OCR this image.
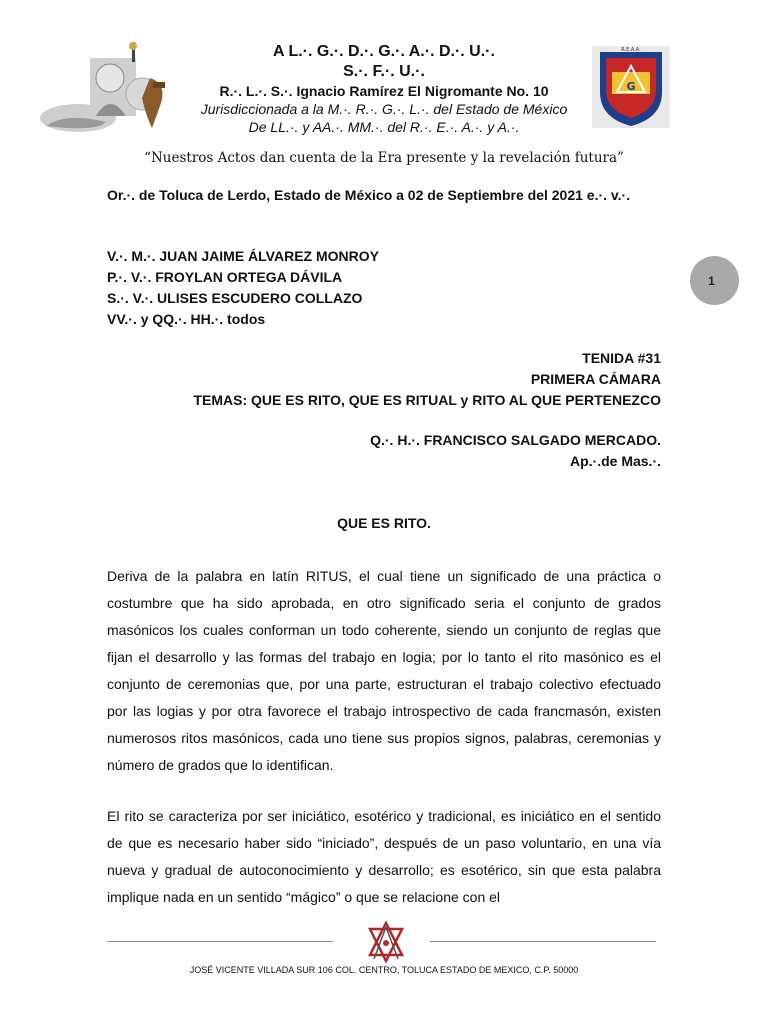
A L.·. G.·. D.·. G.·. A.·. D.·. U.·.
S.·. F.·. U.·.
R.·. L.·. S.·. Ignacio Ramírez El Nigromante No. 10
Jurisdiccionada a la M.·. R.·. G.·. L.·. del Estado de México
De LL.·. y AA.·. MM.·. del R.·. E.·. A.·. y A.·.
G
R.E.A.A.
“Nuestros Actos dan cuenta de la Era presente y la revelación futura”
Or.·. de Toluca de Lerdo, Estado de México a 02 de Septiembre del 2021 e.·. v.·.
V.·. M.·. JUAN JAIME ÁLVAREZ MONROY
P.·. V.·. FROYLAN ORTEGA DÁVILA
S.·. V.·. ULISES ESCUDERO COLLAZO
VV.·. y QQ.·. HH.·. todos
TENIDA #31
PRIMERA CÁMARA
TEMAS: QUE ES RITO, QUE ES RITUAL y RITO AL QUE PERTENEZCO
Q.·. H.·. FRANCISCO SALGADO MERCADO.
Ap.·.de Mas.·.
QUE ES RITO.
Deriva de la palabra en latín RITUS, el cual tiene un significado de una práctica o costumbre que ha sido aprobada, en otro significado seria el conjunto de grados masónicos los cuales conforman un todo coherente, siendo un conjunto de reglas que fijan el desarrollo y las formas del trabajo en logia; por lo tanto el rito masónico es el conjunto de ceremonias que, por una parte, estructuran el trabajo colectivo efectuado por las logias y por otra favorece el trabajo introspectivo de cada francmasón, existen numerosos ritos masónicos, cada uno tiene sus propios signos, palabras, ceremonias y número de grados que lo identifican.
El rito se caracteriza por ser iniciático, esotérico y tradicional, es iniciático en el sentido de que es necesario haber sido “iniciado”, después de un paso voluntario, en una vía nueva y gradual de autoconocimiento y desarrollo; es esotérico, sin que esta palabra implique nada en un sentido “mágico” o que se relacione con el
1
JOSÉ VICENTE VILLADA SUR 106 COL. CENTRO, TOLUCA ESTADO DE MEXICO, C.P. 50000
